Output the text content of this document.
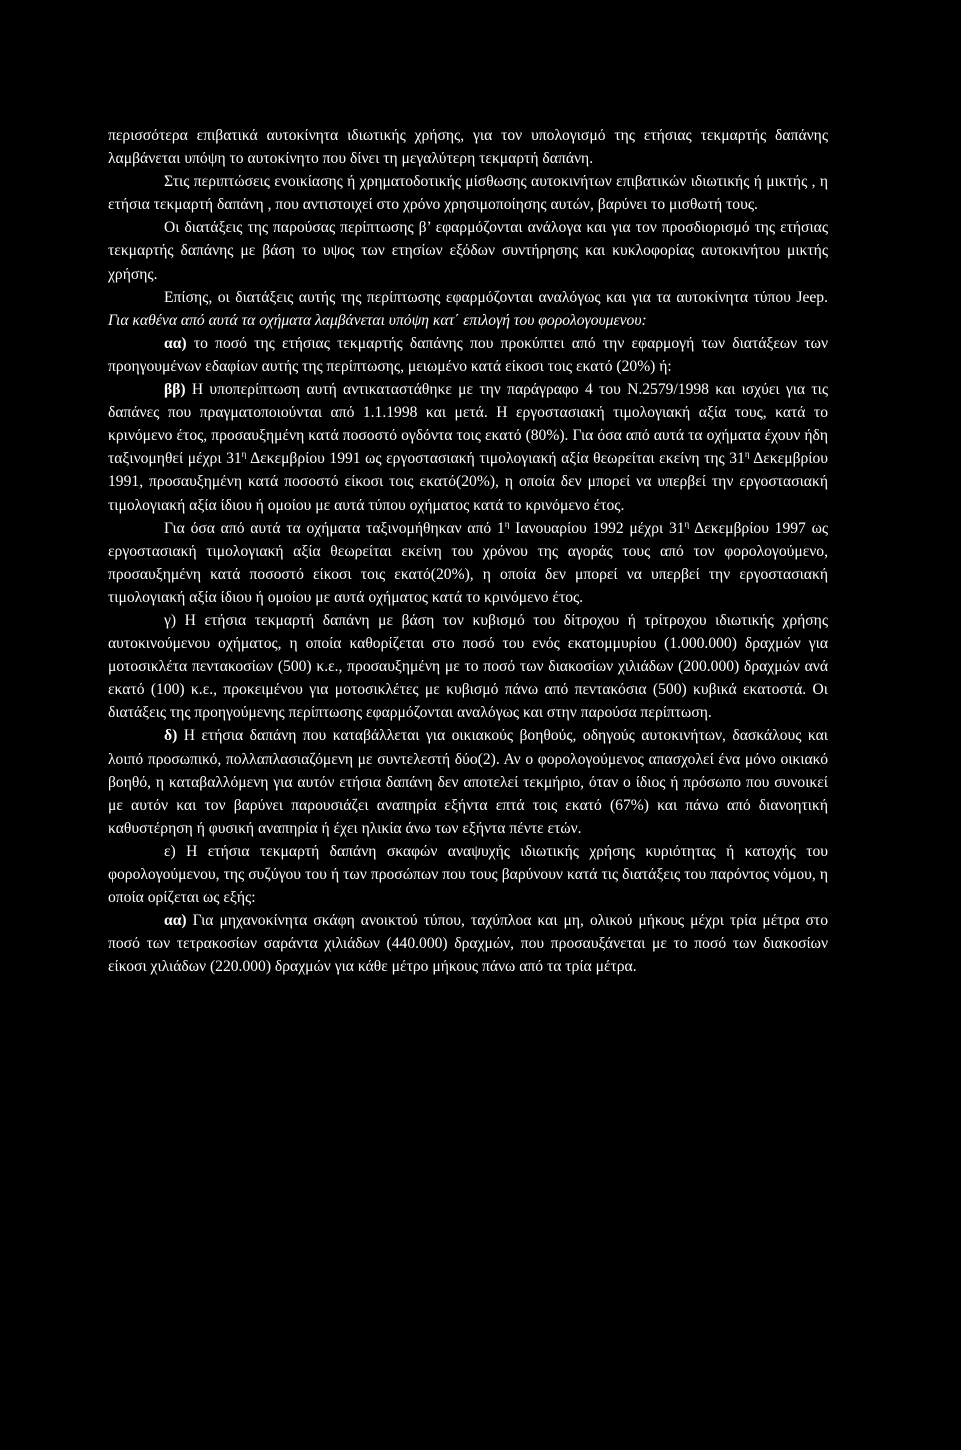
περισσότερα επιβατικά αυτοκίνητα ιδιωτικής χρήσης, για τον υπολογισμό της ετήσιας τεκμαρτής δαπάνης λαμβάνεται υπόψη το αυτοκίνητο που δίνει τη μεγαλύτερη τεκμαρτή δαπάνη.

Στις περιπτώσεις ενοικίασης ή χρηματοδοτικής μίσθωσης αυτοκινήτων επιβατικών ιδιωτικής ή μικτής , η ετήσια τεκμαρτή δαπάνη , που αντιστοιχεί στο χρόνο χρησιμοποίησης αυτών, βαρύνει το μισθωτή τους.

Οι διατάξεις της παρούσας περίπτωσης β’ εφαρμόζονται ανάλογα και για τον προσδιορισμό της ετήσιας τεκμαρτής δαπάνης με βάση το υψος των ετησίων εξόδων συντήρησης και κυκλοφορίας αυτοκινήτου μικτής χρήσης.

Επίσης, οι διατάξεις αυτής της περίπτωσης εφαρμόζονται αναλόγως και για τα αυτοκίνητα τύπου Jeep. Για καθένα από αυτά τα οχήματα λαμβάνεται υπόψη κατ΄ επιλογή του φορολογουμενου:

αα) το ποσό της ετήσιας τεκμαρτής δαπάνης που προκύπτει από την εφαρμογή των διατάξεων των προηγουμένων εδαφίων αυτής της περίπτωσης, μειωμένο κατά είκοσι τοις εκατό (20%) ή:

ββ) Η υποπερίπτωση αυτή αντικαταστάθηκε με την παράγραφο 4 του Ν.2579/1998 και ισχύει για τις δαπάνες που πραγματοποιούνται από 1.1.1998 και μετά. Η εργοστασιακή τιμολογιακή αξία τους, κατά το κρινόμενο έτος, προσαυξημένη κατά ποσοστό ογδόντα τοις εκατό (80%). Για όσα από αυτά τα οχήματα έχουν ήδη ταξινομηθεί μέχρι $31^\eta$ Δεκεμβρίου 1991 ως εργοστασιακή τιμολογιακή αξία θεωρείται εκείνη της $31^\eta$ Δεκεμβρίου 1991, προσαυξημένη κατά ποσοστό είκοσι τοις εκατό(20%), η οποία δεν μπορεί να υπερβεί την εργοστασιακή τιμολογιακή αξία ίδιου ή ομοίου με αυτά τύπου οχήματος κατά το κρινόμενο έτος.

Για όσα από αυτά τα οχήματα ταξινομήθηκαν από $1^\eta$ Ιανουαρίου 1992 μέχρι $31^\eta$ Δεκεμβρίου 1997 ως εργοστασιακή τιμολογιακή αξία θεωρείται εκείνη του χρόνου της αγοράς τους από τον φορολογούμενο, προσαυξημένη κατά ποσοστό είκοσι τοις εκατό(20%), η οποία δεν μπορεί να υπερβεί την εργοστασιακή τιμολογιακή αξία ίδιου ή ομοίου με αυτά οχήματος κατά το κρινόμενο έτος.

γ) Η ετήσια τεκμαρτή δαπάνη με βάση τον κυβισμό του δίτροχου ή τρίτροχου ιδιωτικής χρήσης αυτοκινούμενου οχήματος, η οποία καθορίζεται στο ποσό του ενός εκατομμυρίου (1.000.000) δραχμών για μοτοσικλέτα πεντακοσίων (500) κ.ε., προσαυξημένη με το ποσό των διακοσίων χιλιάδων (200.000) δραχμών ανά εκατό (100) κ.ε., προκειμένου για μοτοσικλέτες με κυβισμό πάνω από πεντακόσια (500) κυβικά εκατοστά. Οι διατάξεις της προηγούμενης περίπτωσης εφαρμόζονται αναλόγως και στην παρούσα περίπτωση.

δ) Η ετήσια δαπάνη που καταβάλλεται για οικιακούς βοηθούς, οδηγούς αυτοκινήτων, δασκάλους και λοιπό προσωπικό, πολλαπλασιαζόμενη με συντελεστή δύο(2). Αν ο φορολογούμενος απασχολεί ένα μόνο οικιακό βοηθό, η καταβαλλόμενη για αυτόν ετήσια δαπάνη δεν αποτελεί τεκμήριο, όταν ο ίδιος ή πρόσωπο που συνοικεί με αυτόν και τον βαρύνει παρουσιάζει αναπηρία εξήντα επτά τοις εκατό (67%) και πάνω από διανοητική καθυστέρηση ή φυσική αναπηρία ή έχει ηλικία άνω των εξήντα πέντε ετών.

ε) Η ετήσια τεκμαρτή δαπάνη σκαφών αναψυχής ιδιωτικής χρήσης κυριότητας ή κατοχής του φορολογούμενου, της συζύγου του ή των προσώπων που τους βαρύνουν κατά τις διατάξεις του παρόντος νόμου, η οποία ορίζεται ως εξής:

αα) Για μηχανοκίνητα σκάφη ανοικτού τύπου, ταχύπλοα και μη, ολικού μήκους μέχρι τρία μέτρα στο ποσό των τετρακοσίων σαράντα χιλιάδων (440.000) δραχμών, που προσαυξάνεται με το ποσό των διακοσίων είκοσι χιλιάδων (220.000) δραχμών για κάθε μέτρο μήκους πάνω από τα τρία μέτρα.
